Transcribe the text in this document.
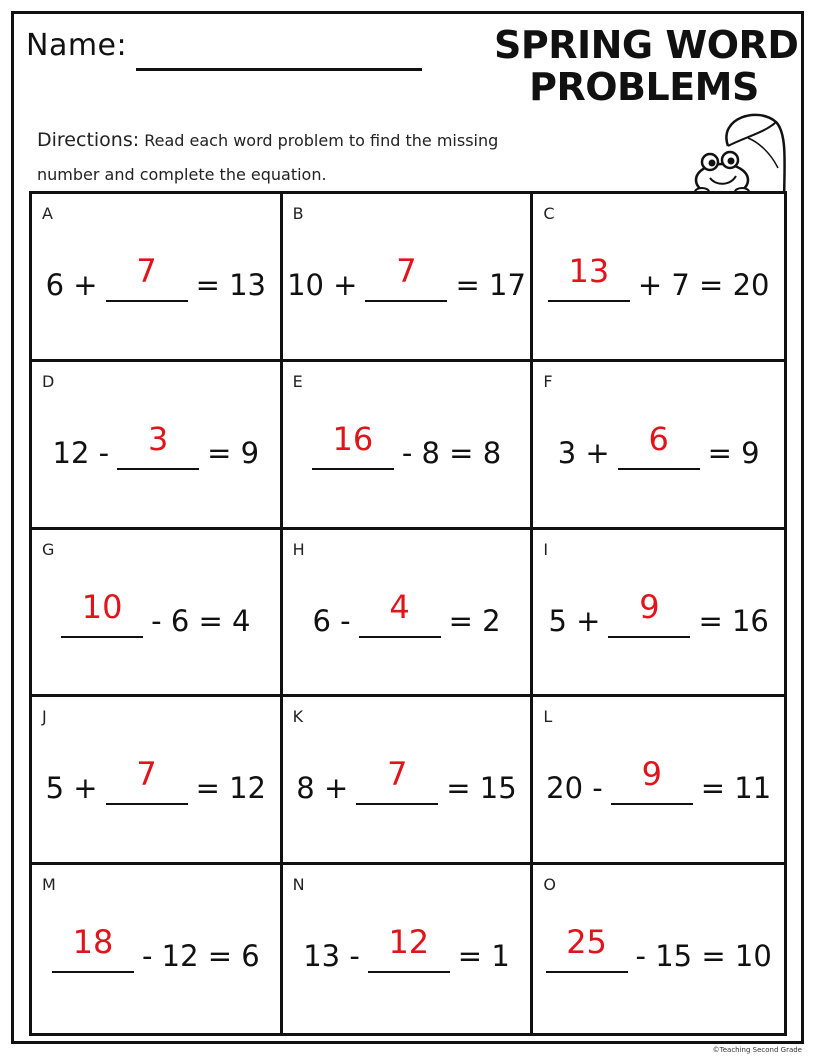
Name:	SPRING WORD
PROBLEMS
Directions: Read each word problem to find the missing number and complete the equation.
A
6 +	7	= 13
B
10 +	7	= 17
C
13 + 7 = 20
D
12 -	3	= 9
E
16 - 8 = 8
F
3 +	6	= 9
G
10 - 6 = 4
H
6 -	4	= 2
I
5 +	9	= 16
J
5 +	7	= 12
K
8 +	7	= 15
L
20 -	9	= 11
M
18 - 12 = 6
N
13 - 12 = 1
O
25 - 15 = 10
©Teaching Second Grade
